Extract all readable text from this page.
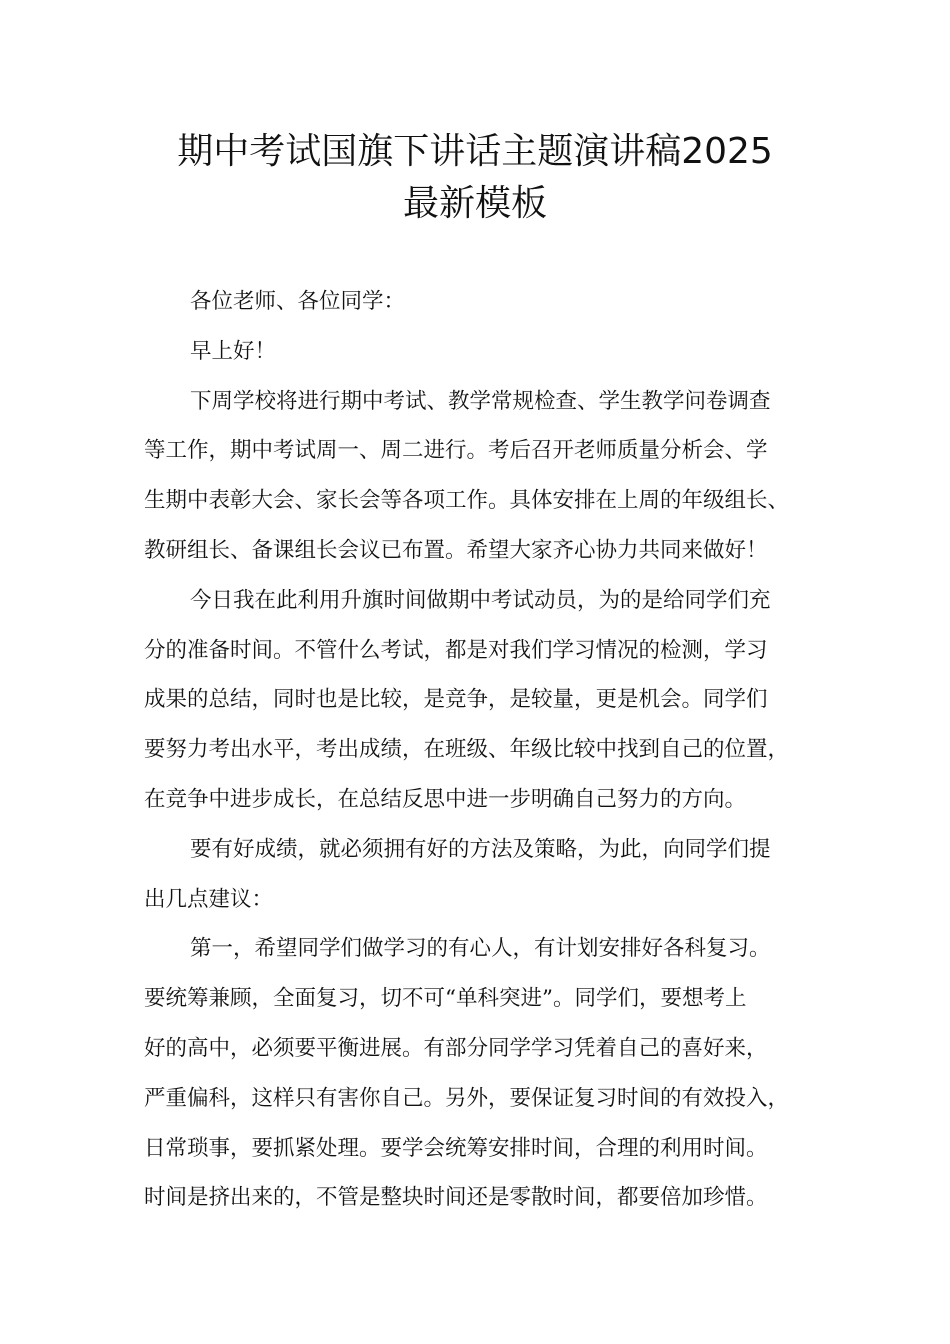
期中考试国旗下讲话主题演讲稿2025
最新模板
各位老师、各位同学：
早上好！
下周学校将进行期中考试、教学常规检查、学生教学问卷调查
等工作，期中考试周一、周二进行。考后召开老师质量分析会、学
生期中表彰大会、家长会等各项工作。具体安排在上周的年级组长、
教研组长、备课组长会议已布置。希望大家齐心协力共同来做好！
今日我在此利用升旗时间做期中考试动员，为的是给同学们充
分的准备时间。不管什么考试，都是对我们学习情况的检测，学习
成果的总结，同时也是比较，是竞争，是较量，更是机会。同学们
要努力考出水平，考出成绩，在班级、年级比较中找到自己的位置，
在竞争中进步成长，在总结反思中进一步明确自己努力的方向。
要有好成绩，就必须拥有好的方法及策略，为此，向同学们提
出几点建议：
第一，希望同学们做学习的有心人，有计划安排好各科复习。
要统筹兼顾，全面复习，切不可“单科突进”。同学们，要想考上
好的高中，必须要平衡进展。有部分同学学习凭着自己的喜好来，
严重偏科，这样只有害你自己。另外，要保证复习时间的有效投入，
日常琐事，要抓紧处理。要学会统筹安排时间，合理的利用时间。
时间是挤出来的，不管是整块时间还是零散时间，都要倍加珍惜。
